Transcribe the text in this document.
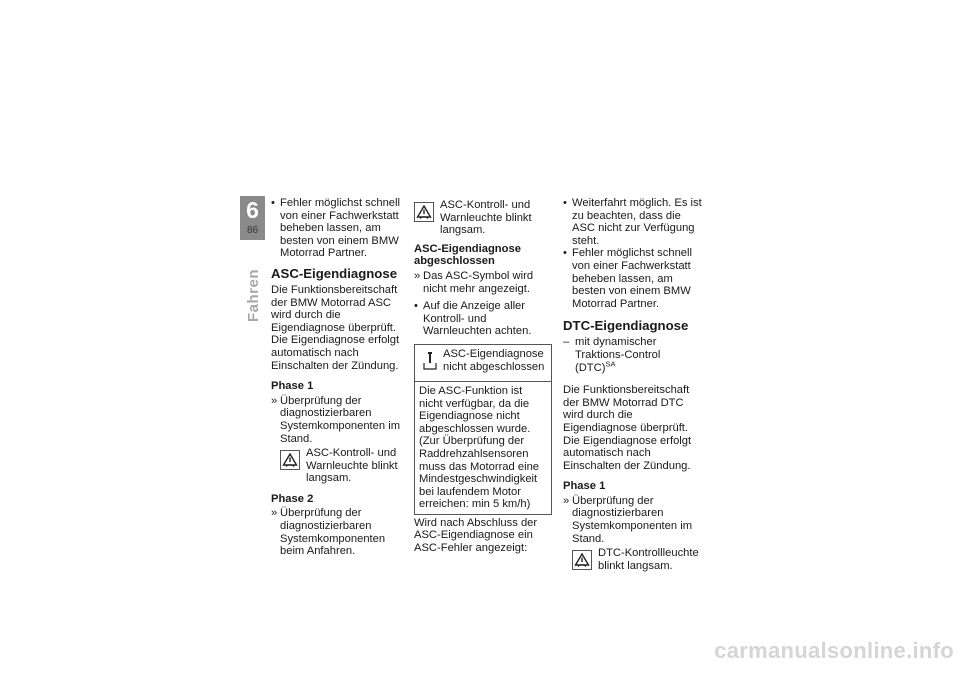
6
86
Fahren

• Fehler möglichst schnell von einer Fachwerkstatt beheben lassen, am besten von einem BMW Motorrad Partner.

ASC-Eigendiagnose

Die Funktionsbereitschaft der BMW Motorrad ASC wird durch die Eigendiagnose überprüft. Die Eigendiagnose erfolgt automatisch nach Einschalten der Zündung.

Phase 1

» Überprüfung der diagnostizierbaren Systemkomponenten im Stand.

ASC-Kontroll- und Warnleuchte blinkt langsam.
Phase 2

» Überprüfung der diagnostizierbaren Systemkomponenten beim Anfahren.

ASC-Kontroll- und Warnleuchte blinkt langsam.
ASC-Eigendiagnose abgeschlossen

» Das ASC-Symbol wird nicht mehr angezeigt.

• Auf die Anzeige aller Kontroll- und Warnleuchten achten.

ASC-Eigendiagnose nicht abgeschlossen
Die ASC-Funktion ist nicht verfügbar, da die Eigendiagnose nicht abgeschlossen wurde. (Zur Überprüfung der Raddrehzahlsensoren muss das Motorrad eine Mindestgeschwindigkeit bei laufendem Motor erreichen: min 5 km/h)

Wird nach Abschluss der ASC-Eigendiagnose ein ASC-Fehler angezeigt:

• Weiterfahrt möglich. Es ist zu beachten, dass die ASC nicht zur Verfügung steht.

• Fehler möglichst schnell von einer Fachwerkstatt beheben lassen, am besten von einem BMW Motorrad Partner.

DTC-Eigendiagnose

– mit dynamischer Traktions-Control (DTC)$^{SA}$

Die Funktionsbereitschaft der BMW Motorrad DTC wird durch die Eigendiagnose überprüft. Die Eigendiagnose erfolgt automatisch nach Einschalten der Zündung.

Phase 1

» Überprüfung der diagnostizierbaren Systemkomponenten im Stand.

DTC-Kontrollleuchte blinkt langsam.
carmanualsonline.info
